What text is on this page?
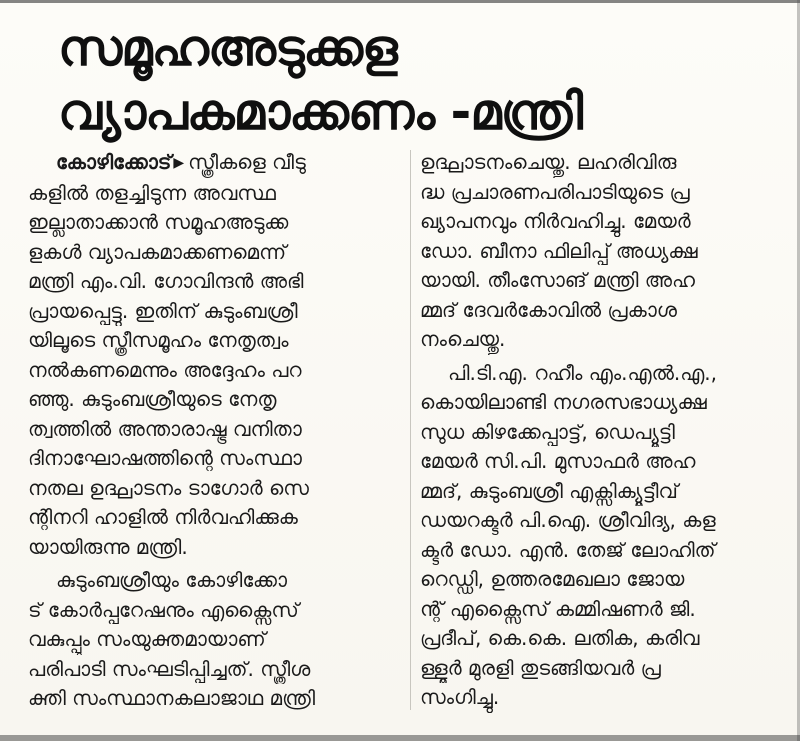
സമൂഹഅടുക്കള
വ്യാപകമാക്കണം -മന്ത്രി

കോഴിക്കോട് ▶ സ്ത്രീകളെ വീടു
കളിൽ തളച്ചിടുന്ന അവസ്ഥ
ഇല്ലാതാക്കാൻ സമൂഹഅടുക്ക
ളകൾ വ്യാപകമാക്കണമെന്ന്
മന്ത്രി എം.വി. ഗോവിന്ദൻ അഭി
പ്രായപ്പെട്ടു. ഇതിന് കുടുംബശ്രീ
യിലൂടെ സ്ത്രീസമൂഹം നേതൃത്വം
നൽകണമെന്നും അദ്ദേഹം പറ
ഞ്ഞു. കുടുംബശ്രീയുടെ നേതൃ
ത്വത്തിൽ അന്താരാഷ്ട്ര വനിതാ
ദിനാഘോഷത്തിന്റെ സംസ്ഥാ
നതല ഉദ്ഘാടനം ടാഗോർ സെ
ന്റിനറി ഹാളിൽ നിർവഹിക്കുക
യായിരുന്നു മന്ത്രി.

കുടുംബശ്രീയും കോഴിക്കോ
ട് കോർപ്പറേഷനും എക്സൈസ്
വകുപ്പും സംയുക്തമായാണ്
പരിപാടി സംഘടിപ്പിച്ചത്. സ്ത്രീശ
ക്തി സംസ്ഥാനകലാജാഥ മന്ത്രി

ഉദ്ഘാടനംചെയ്തു. ലഹരിവിരു
ദ്ധ പ്രചാരണപരിപാടിയുടെ പ്ര
ഖ്യാപനവും നിർവഹിച്ചു. മേയർ
ഡോ. ബീനാ ഫിലിപ്പ് അധ്യക്ഷ
യായി. തീംസോങ് മന്ത്രി അഹ
മ്മദ് ദേവർകോവിൽ പ്രകാശ
നംചെയ്തു.

പി.ടി.എ. റഹീം എം.എൽ.എ.,
കൊയിലാണ്ടി നഗരസഭാധ്യക്ഷ
സുധ കിഴക്കേപ്പാട്ട്, ഡെപ്യൂട്ടി
മേയർ സി.പി. മുസാഫർ അഹ
മ്മദ്, കുടുംബശ്രീ എക്സിക്യൂട്ടീവ്
ഡയറക്ടർ പി.ഐ. ശ്രീവിദ്യ, കള
ക്ടർ ഡോ. എൻ. തേജ് ലോഹിത്
റെഡ്ഡി, ഉത്തരമേഖലാ ജോയ
ന്റ് എക്സൈസ് കമ്മിഷണർ ജി.
പ്രദീപ്, കെ.കെ. ലതിക, കരിവ
ള്ളൂർ മുരളി തുടങ്ങിയവർ പ്ര
സംഗിച്ചു.
